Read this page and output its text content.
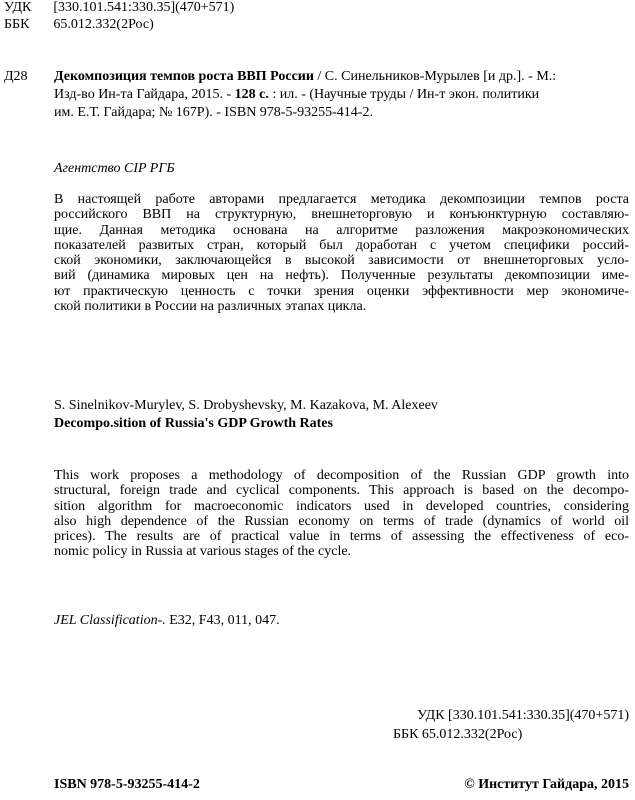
УДК [330.101.541:330.35](470+571)
ББК 65.012.332(2Рос)
Д28 Декомпозиция темпов роста ВВП России / С. Синельников-Мурылев [и др.]. - М.:
Изд-во Ин-та Гайдара, 2015. - 128 с. : ил. - (Научные труды / Ин-т экон. политики
им. Е.Т. Гайдара; № 167Р). - ISBN 978-5-93255-414-2.
Агентство CIP РГБ
В настоящей работе авторами предлагается методика декомпозиции темпов роста
российского ВВП на структурную, внешнеторговую и конъюнктурную составляю-
щие. Данная методика основана на алгоритме разложения макроэкономических
показателей развитых стран, который был доработан с учетом специфики россий-
ской экономики, заключающейся в высокой зависимости от внешнеторговых усло-
вий (динамика мировых цен на нефть). Полученные результаты декомпозиции име-
ют практическую ценность с точки зрения оценки эффективности мер экономиче-
ской политики в России на различных этапах цикла.
S. Sinelnikov-Murylev, S. Drobyshevsky, M. Kazakova, M. Alexeev
Decompo.sition of Russia's GDP Growth Rates
This work proposes a methodology of decomposition of the Russian GDP growth into
structural, foreign trade and cyclical components. This approach is based on the decompo-
sition algorithm for macroeconomic indicators used in developed countries, considering
also high dependence of the Russian economy on terms of trade (dynamics of world oil
prices). The results are of practical value in terms of assessing the effectiveness of eco-
nomic policy in Russia at various stages of the cycle.
JEL Classification-. E32, F43, 011, 047.
УДК [330.101.541:330.35](470+571)
ББК 65.012.332(2Рос)
ISBN 978-5-93255-414-2	© Институт Гайдара, 2015
